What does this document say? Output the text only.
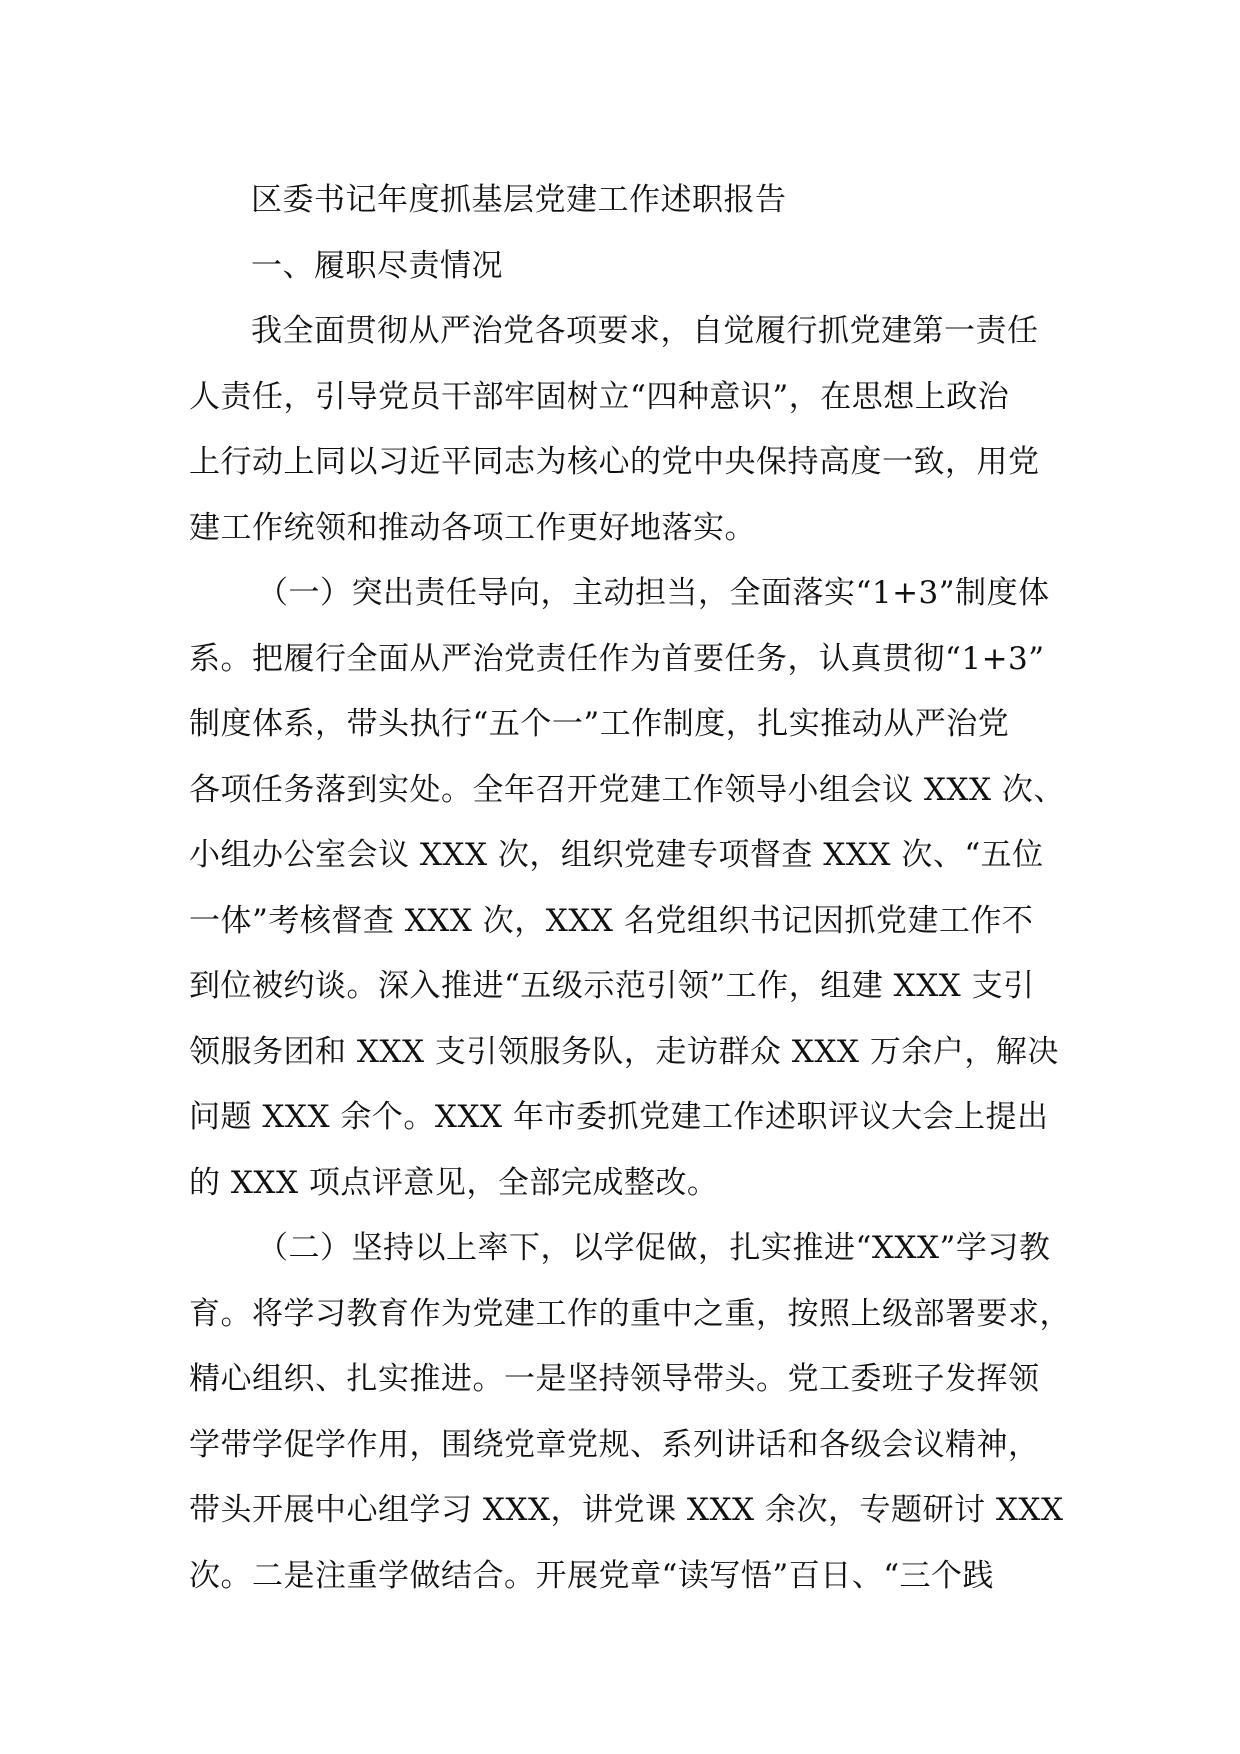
区委书记年度抓基层党建工作述职报告
一、履职尽责情况
我全面贯彻从严治党各项要求，自觉履行抓党建第一责任
人责任，引导党员干部牢固树立“四种意识”，在思想上政治
上行动上同以习近平同志为核心的党中央保持高度一致，用党
建工作统领和推动各项工作更好地落实。
（一）突出责任导向，主动担当，全面落实“1+3”制度体
系。把履行全面从严治党责任作为首要任务，认真贯彻“1+3”
制度体系，带头执行“五个一”工作制度，扎实推动从严治党
各项任务落到实处。全年召开党建工作领导小组会议 XXX 次、
小组办公室会议 XXX 次，组织党建专项督查 XXX 次、“五位
一体”考核督查 XXX 次，XXX 名党组织书记因抓党建工作不
到位被约谈。深入推进“五级示范引领”工作，组建 XXX 支引
领服务团和 XXX 支引领服务队，走访群众 XXX 万余户，解决
问题 XXX 余个。XXX 年市委抓党建工作述职评议大会上提出
的 XXX 项点评意见，全部完成整改。
（二）坚持以上率下，以学促做，扎实推进“XXX”学习教
育。将学习教育作为党建工作的重中之重，按照上级部署要求，
精心组织、扎实推进。一是坚持领导带头。党工委班子发挥领
学带学促学作用，围绕党章党规、系列讲话和各级会议精神，
带头开展中心组学习 XXX，讲党课 XXX 余次，专题研讨 XXX
次。二是注重学做结合。开展党章“读写悟”百日、“三个践
